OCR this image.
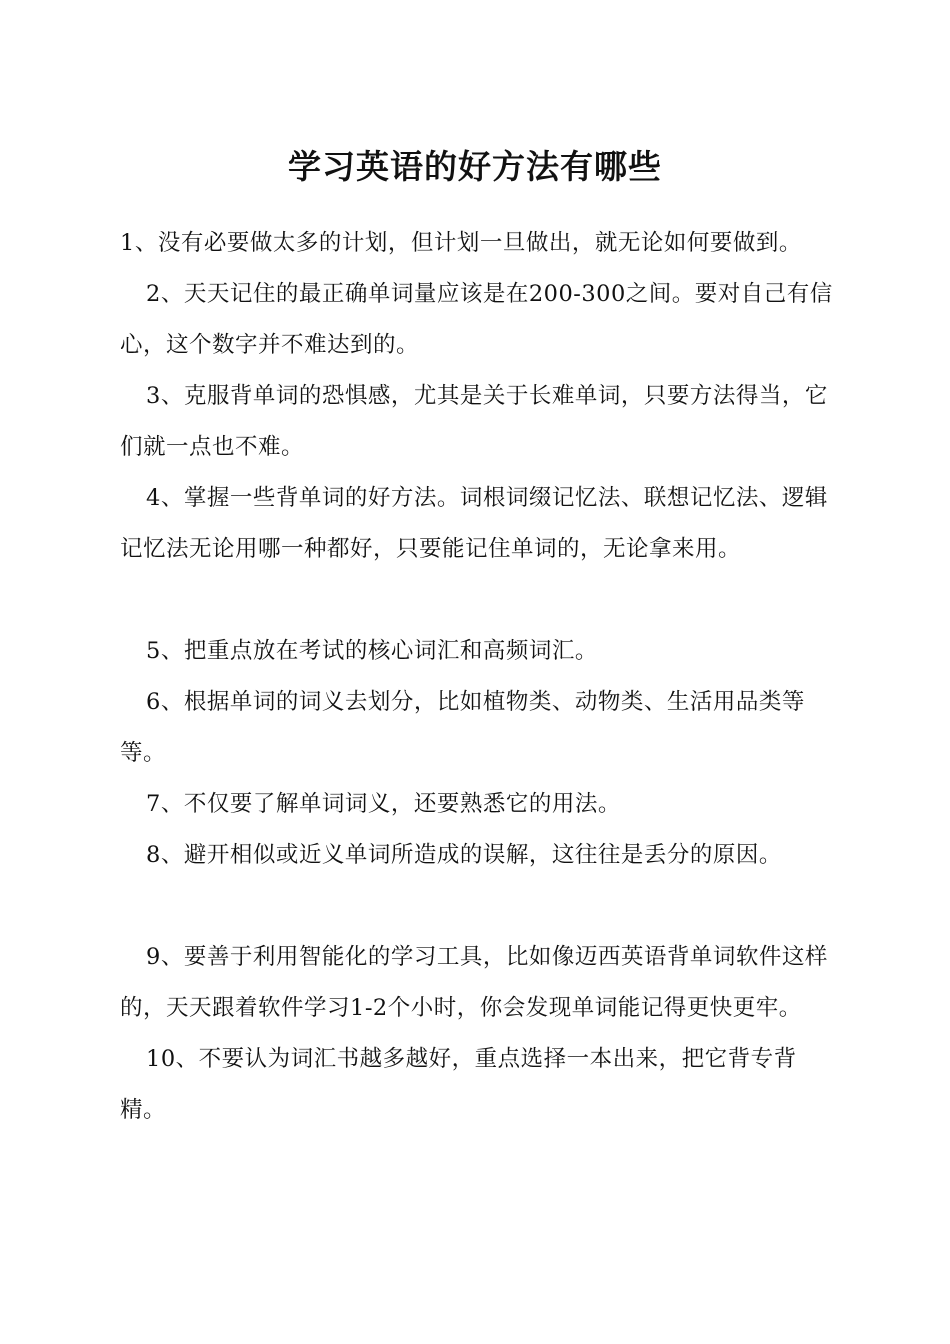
学习英语的好方法有哪些

1、没有必要做太多的计划，但计划一旦做出，就无论如何要做到。

2、天天记住的最正确单词量应该是在200-300之间。要对自己有信心，这个数字并不难达到的。

3、克服背单词的恐惧感，尤其是关于长难单词，只要方法得当，它们就一点也不难。

4、掌握一些背单词的好方法。词根词缀记忆法、联想记忆法、逻辑记忆法无论用哪一种都好，只要能记住单词的，无论拿来用。

5、把重点放在考试的核心词汇和高频词汇。

6、根据单词的词义去划分，比如植物类、动物类、生活用品类等等。

7、不仅要了解单词词义，还要熟悉它的用法。

8、避开相似或近义单词所造成的误解，这往往是丢分的原因。

9、要善于利用智能化的学习工具，比如像迈西英语背单词软件这样的，天天跟着软件学习1-2个小时，你会发现单词能记得更快更牢。

10、不要认为词汇书越多越好，重点选择一本出来，把它背专背精。
